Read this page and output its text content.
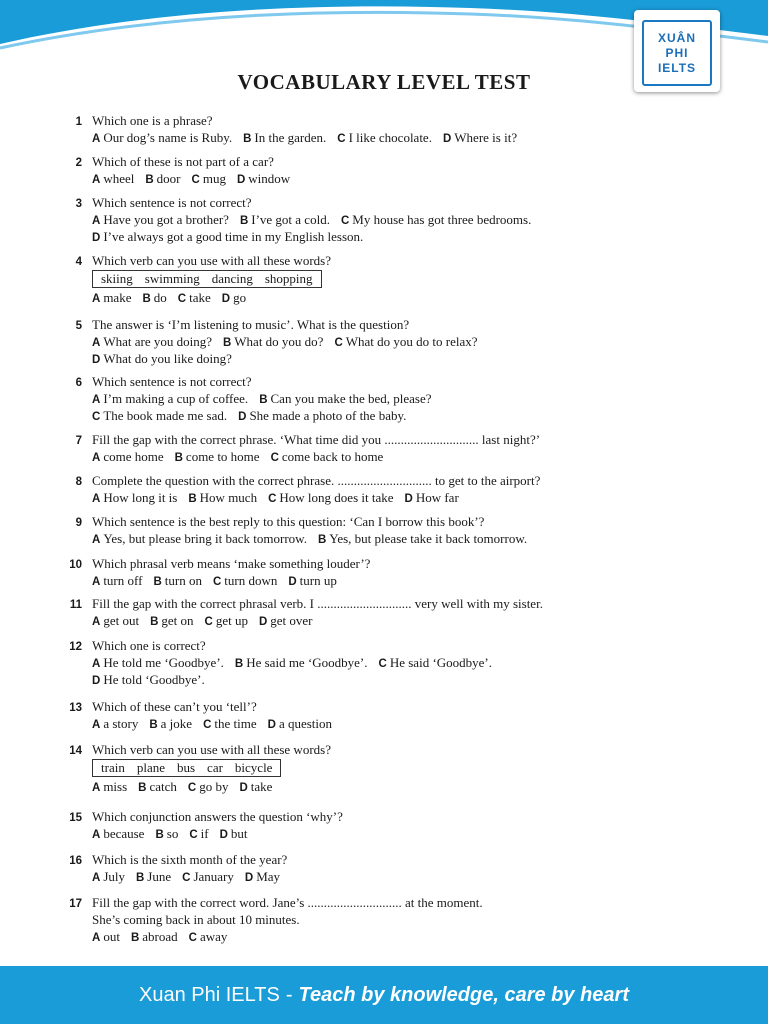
XUÂN
PHI
IELTS
VOCABULARY LEVEL TEST
1 Which one is a phrase?
A Our dog’s name is Ruby. B In the garden. C I like chocolate. D Where is it?
2 Which of these is not part of a car?
A wheel B door C mug D window
3 Which sentence is not correct?
A Have you got a brother? B I’ve got a cold. C My house has got three bedrooms.
D I’ve always got a good time in my English lesson.
4 Which verb can you use with all these words?
skiing swimming dancing shopping
A make B do C take D go
5 The answer is ‘I’m listening to music’. What is the question?
A What are you doing? B What do you do? C What do you do to relax?
D What do you like doing?
6 Which sentence is not correct?
A I’m making a cup of coffee. B Can you make the bed, please?
C The book made me sad. D She made a photo of the baby.
7 Fill the gap with the correct phrase. ‘What time did you ............................. last night?’
A come home B come to home C come back to home
8 Complete the question with the correct phrase. ............................. to get to the airport?
A How long it is B How much C How long does it take D How far
9 Which sentence is the best reply to this question: ‘Can I borrow this book’?
A Yes, but please bring it back tomorrow. B Yes, but please take it back tomorrow.
10 Which phrasal verb means ‘make something louder’?
A turn off B turn on C turn down D turn up
11 Fill the gap with the correct phrasal verb. I ............................. very well with my sister.
A get out B get on C get up D get over
12 Which one is correct?
A He told me ‘Goodbye’. B He said me ‘Goodbye’. C He said ‘Goodbye’.
D He told ‘Goodbye’.
13 Which of these can’t you ‘tell’?
A a story B a joke C the time D a question
14 Which verb can you use with all these words?
train plane bus car bicycle
A miss B catch C go by D take
15 Which conjunction answers the question ‘why’?
A because B so C if D but
16 Which is the sixth month of the year?
A July B June C January D May
17 Fill the gap with the correct word. Jane’s ............................. at the moment.
She’s coming back in about 10 minutes.
A out B abroad C away
Xuan Phi IELTS - Teach by knowledge, care by heart
